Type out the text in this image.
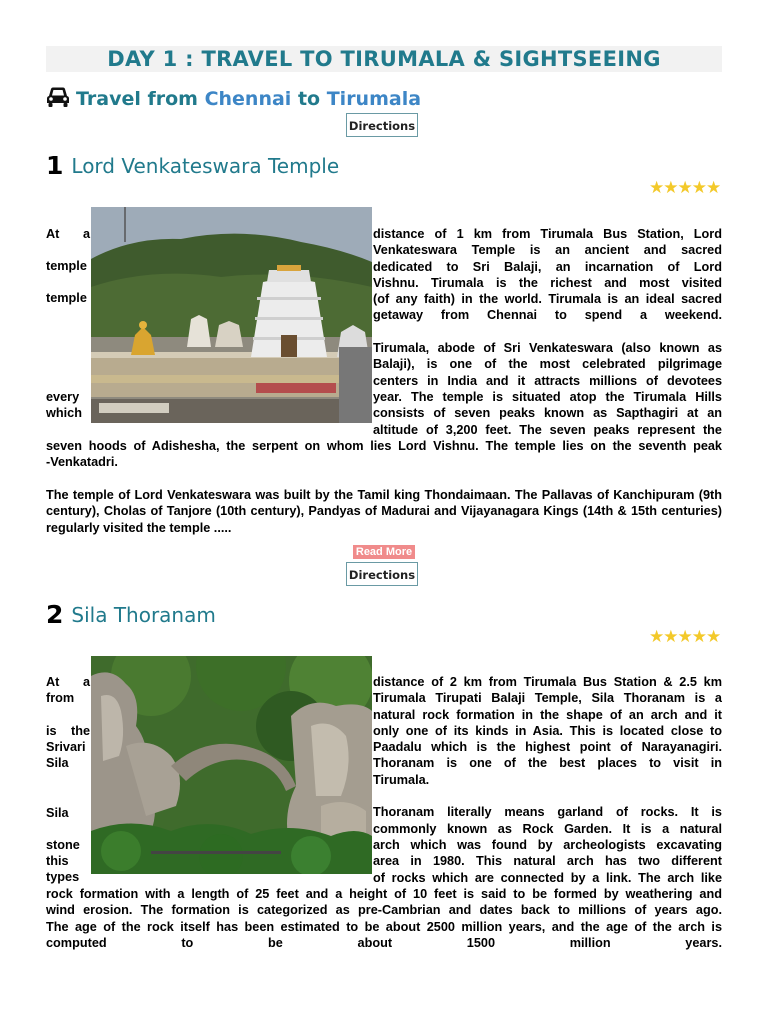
DAY 1 : TRAVEL TO TIRUMALA & SIGHTSEEING
Travel from Chennai to Tirumala
Directions
1 Lord Venkateswara Temple
★★★★★
At a
temple
temple
every
which

distance of 1 km from Tirumala Bus Station, Lord

Venkateswara Temple is an ancient and sacred

dedicated to Sri Balaji, an incarnation of Lord

Vishnu. Tirumala is the richest and most visited

(of any faith) in the world. Tirumala is an ideal sacred

getaway from Chennai to spend a weekend.

Tirumala, abode of Sri Venkateswara (also known as

Balaji), is one of the most celebrated pilgrimage

centers in India and it attracts millions of devotees

year. The temple is situated atop the Tirumala Hills

consists of seven peaks known as Sapthagiri at an

altitude of 3,200 feet. The seven peaks represent the

seven hoods of Adisheshа, the serpent on whom lies Lord Vishnu. The temple lies on the seventh peak

-Venkatadri.

The temple of Lord Venkateswara was built by the Tamil king Thondaimaan. The Pallavas of Kanchipuram (9th century), Cholas of Tanjore (10th century), Pandyas of Madurai and Vijayanagara Kings (14th & 15th centuries) regularly visited the temple .....
Read More
Directions
2 Sila Thoranam
★★★★★
At a
from
is the
Srivari
Sila
Sila
stone
this
types

distance of 2 km from Tirumala Bus Station & 2.5 km

Tirumala Tirupati Balaji Temple, Sila Thoranam is a

natural rock formation in the shape of an arch and it

only one of its kinds in Asia. This is located close to

Paadalu which is the highest point of Narayanagiri.

Thoranam is one of the best places to visit in

Tirumala.

Thoranam literally means garland of rocks. It is

commonly known as Rock Garden. It is a natural

arch which was found by archeologists excavating

area in 1980. This natural arch has two different

of rocks which are connected by a link. The arch like

rock formation with a length of 25 feet and a height of 10 feet is said to be formed by weathering and

wind erosion. The formation is categorized as pre-Cambrian and dates back to millions of years ago.

The age of the rock itself has been estimated to be about 2500 million years, and the age of the arch is

computed to be about 1500 million years.
